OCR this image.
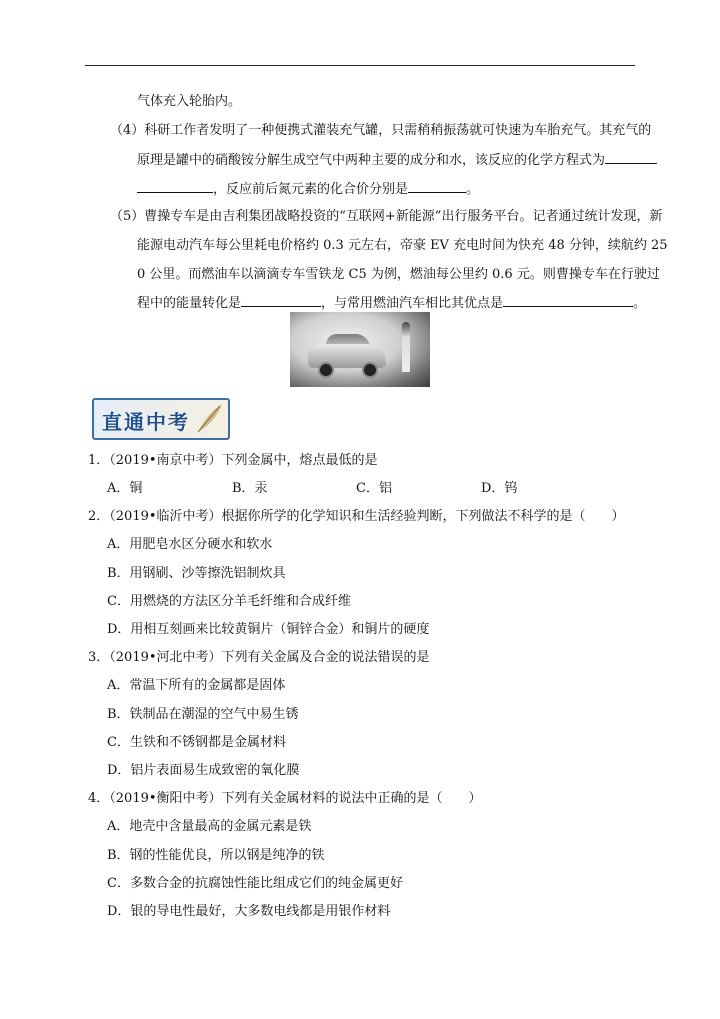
气体充入轮胎内。
（4）科研工作者发明了一种便携式灌装充气罐，只需稍稍振荡就可快速为车胎充气。其充气的
原理是罐中的硝酸铵分解生成空气中两种主要的成分和水，该反应的化学方程式为
，反应前后氮元素的化合价分别是	。
（5）曹操专车是由吉利集团战略投资的“互联网+新能源”出行服务平台。记者通过统计发现，新
能源电动汽车每公里耗电价格约 0.3 元左右，帝豪 EV 充电时间为快充 48 分钟，续航约 25
0 公里。而燃油车以滴滴专车雪铁龙 C5 为例，燃油每公里约 0.6 元。则曹操专车在行驶过
程中的能量转化是	，与常用燃油汽车相比其优点是	。
直通中考
1．（2019•南京中考）下列金属中，熔点最低的是
A．铜	B．汞	C．铝	D．钨
2．（2019•临沂中考）根据你所学的化学知识和生活经验判断，下列做法不科学的是（　　）
A．用肥皂水区分硬水和软水
B．用钢刷、沙等擦洗铝制炊具
C．用燃烧的方法区分羊毛纤维和合成纤维
D．用相互刻画来比较黄铜片（铜锌合金）和铜片的硬度
3．（2019•河北中考）下列有关金属及合金的说法错误的是
A．常温下所有的金属都是固体
B．铁制品在潮湿的空气中易生锈
C．生铁和不锈钢都是金属材料
D．铝片表面易生成致密的氧化膜
4．（2019•衡阳中考）下列有关金属材料的说法中正确的是（　　）
A．地壳中含量最高的金属元素是铁
B．钢的性能优良，所以钢是纯净的铁
C．多数合金的抗腐蚀性能比组成它们的纯金属更好
D．银的导电性最好，大多数电线都是用银作材料
